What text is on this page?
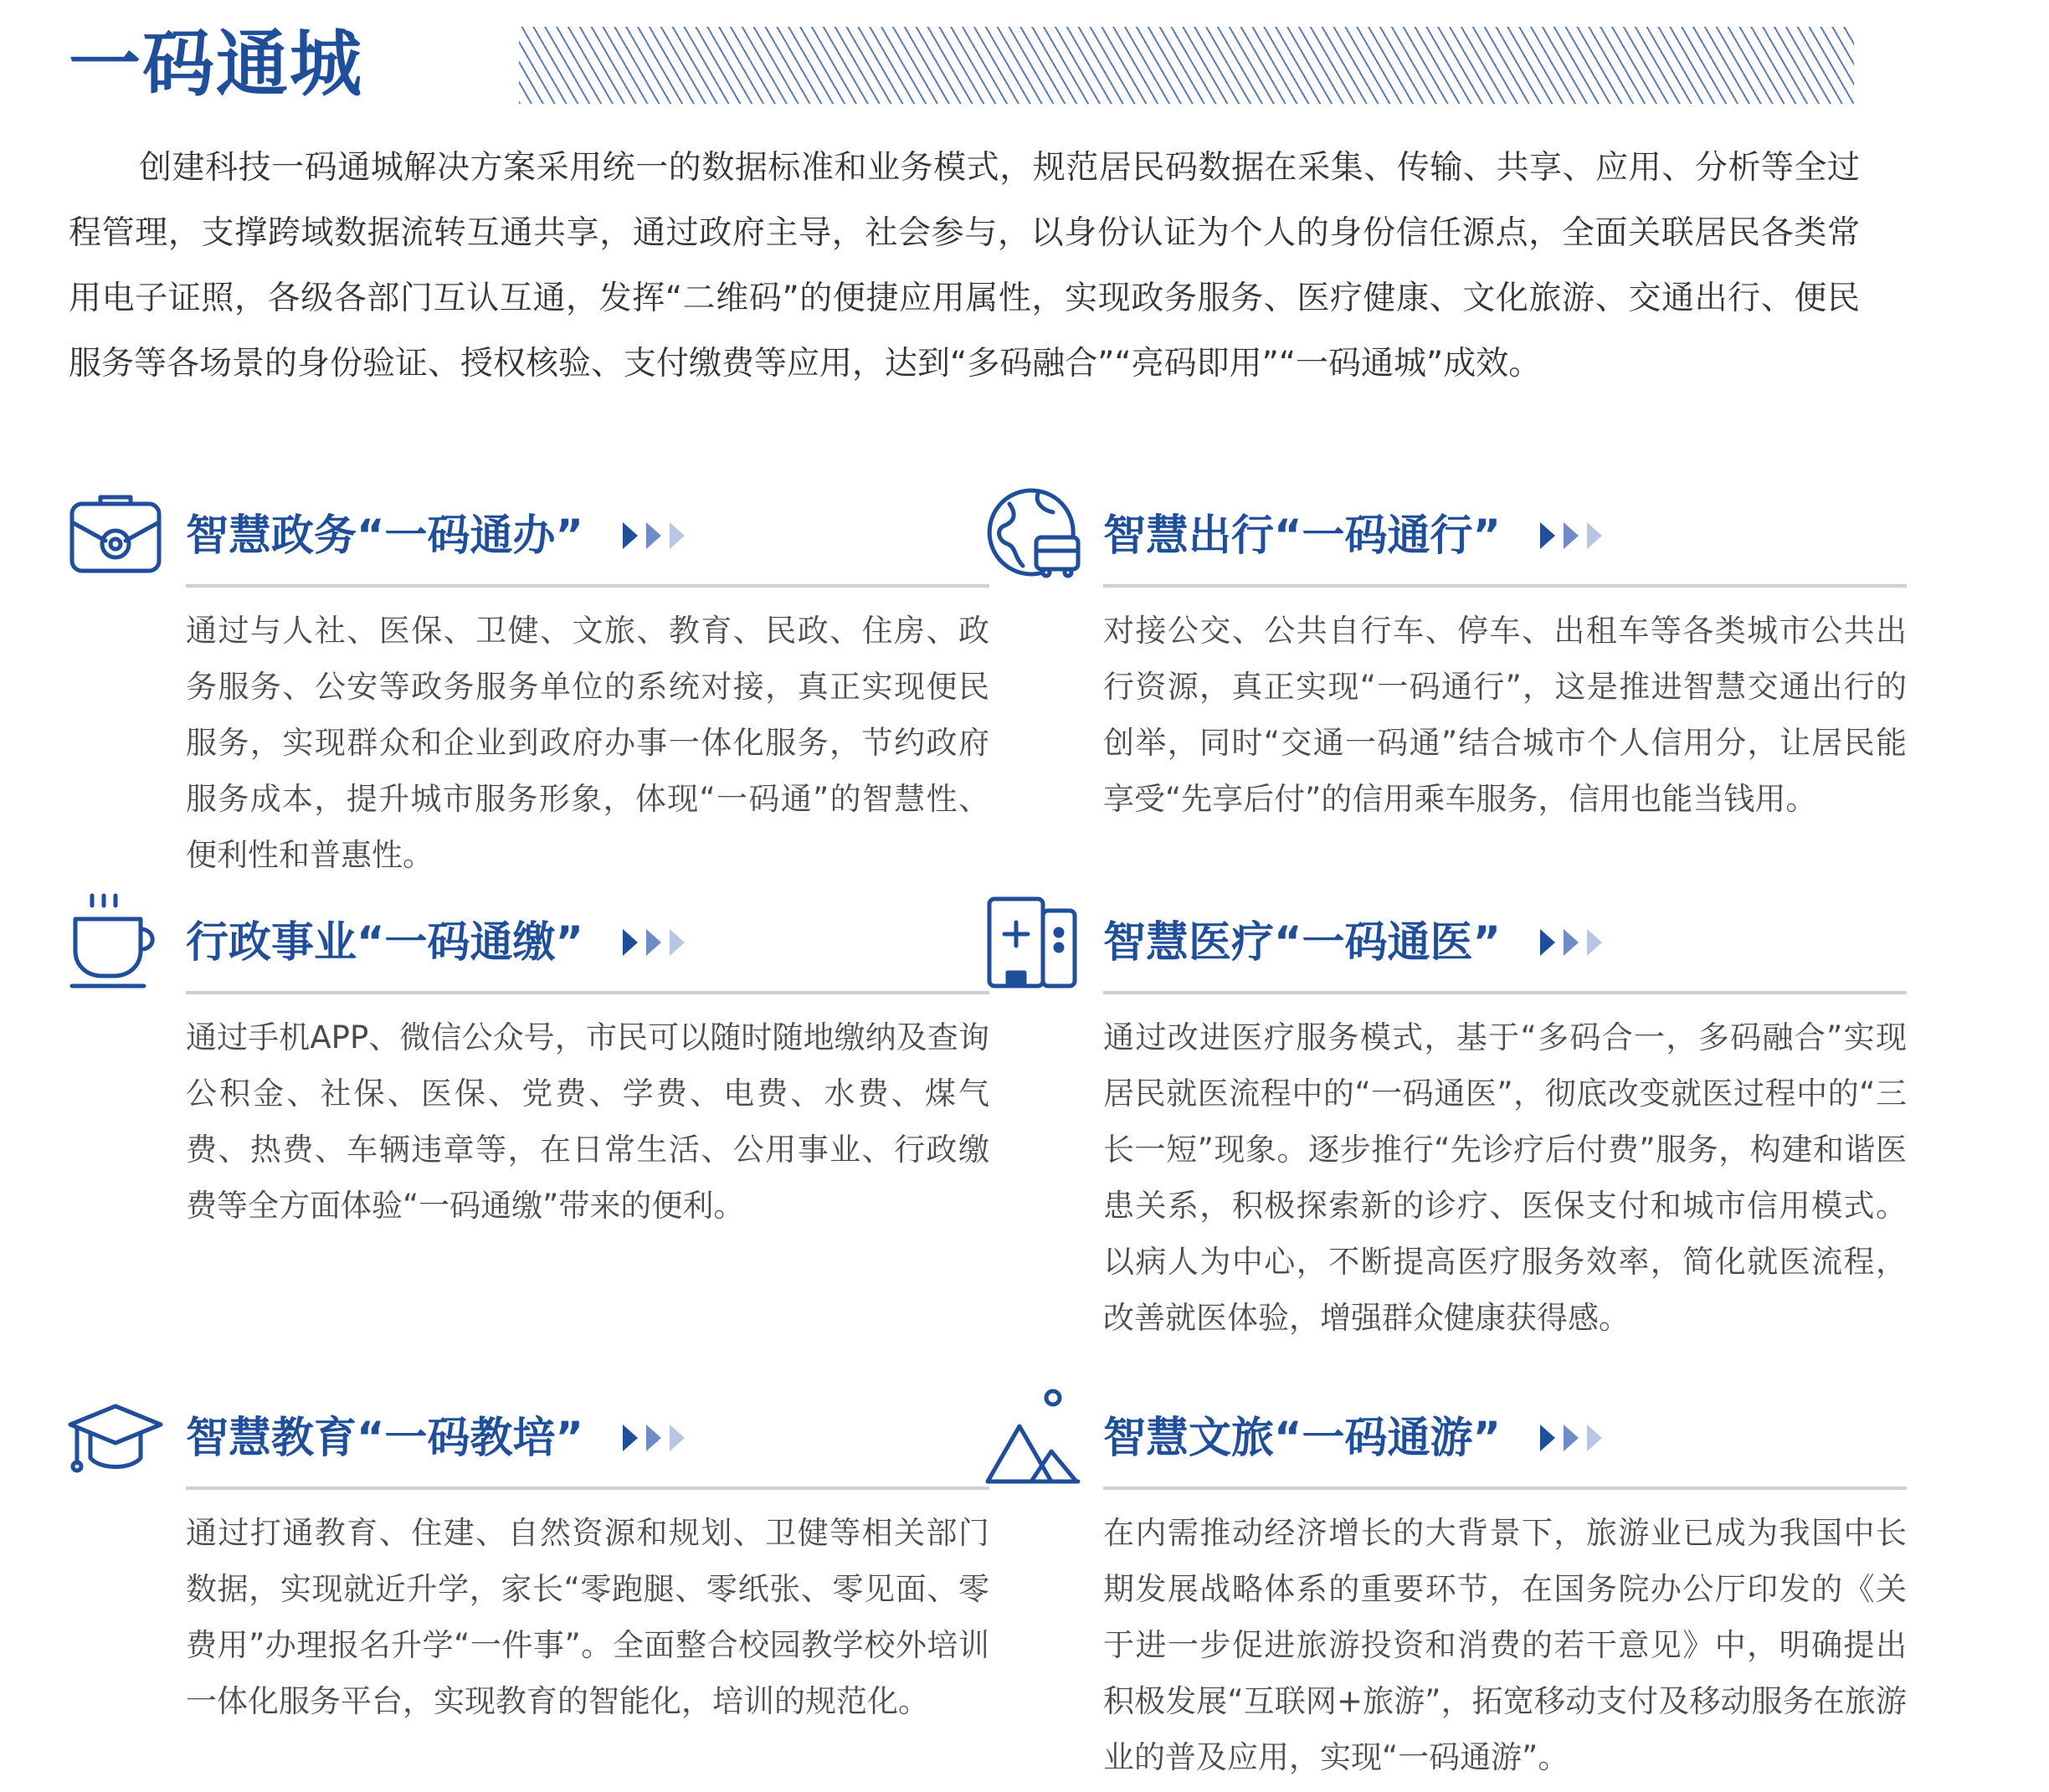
一码通城

创建科技一码通城解决方案采用统一的数据标准和业务模式，规范居民码数据在采集、传输、共享、应用、分析等全过程管理，支撑跨域数据流转互通共享，通过政府主导，社会参与，以身份认证为个人的身份信任源点，全面关联居民各类常用电子证照，各级各部门互认互通，发挥“二维码”的便捷应用属性，实现政务服务、医疗健康、文化旅游、交通出行、便民服务等各场景的身份验证、授权核验、支付缴费等应用，达到“多码融合”“亮码即用”“一码通城”成效。

智慧政务“一码通办”
通过与人社、医保、卫健、文旅、教育、民政、住房、政务服务、公安等政务服务单位的系统对接，真正实现便民服务，实现群众和企业到政府办事一体化服务，节约政府服务成本，提升城市服务形象，体现“一码通”的智慧性、便利性和普惠性。
智慧出行“一码通行”
对接公交、公共自行车、停车、出租车等各类城市公共出行资源，真正实现“一码通行”，这是推进智慧交通出行的创举，同时“交通一码通”结合城市个人信用分，让居民能享受“先享后付”的信用乘车服务，信用也能当钱用。
行政事业“一码通缴”
通过手机APP、微信公众号，市民可以随时随地缴纳及查询公积金、社保、医保、党费、学费、电费、水费、煤气费、热费、车辆违章等，在日常生活、公用事业、行政缴费等全方面体验“一码通缴”带来的便利。
智慧医疗“一码通医”
通过改进医疗服务模式，基于“多码合一，多码融合”实现居民就医流程中的“一码通医”，彻底改变就医过程中的“三长一短”现象。逐步推行“先诊疗后付费”服务，构建和谐医患关系，积极探索新的诊疗、医保支付和城市信用模式。以病人为中心，不断提高医疗服务效率，简化就医流程，改善就医体验，增强群众健康获得感。
智慧教育“一码教培”
通过打通教育、住建、自然资源和规划、卫健等相关部门数据，实现就近升学，家长“零跑腿、零纸张、零见面、零费用”办理报名升学“一件事”。全面整合校园教学校外培训一体化服务平台，实现教育的智能化，培训的规范化。
智慧文旅“一码通游”
在内需推动经济增长的大背景下，旅游业已成为我国中长期发展战略体系的重要环节，在国务院办公厅印发的《关于进一步促进旅游投资和消费的若干意见》中，明确提出积极发展“互联网+旅游”，拓宽移动支付及移动服务在旅游业的普及应用，实现“一码通游”。
